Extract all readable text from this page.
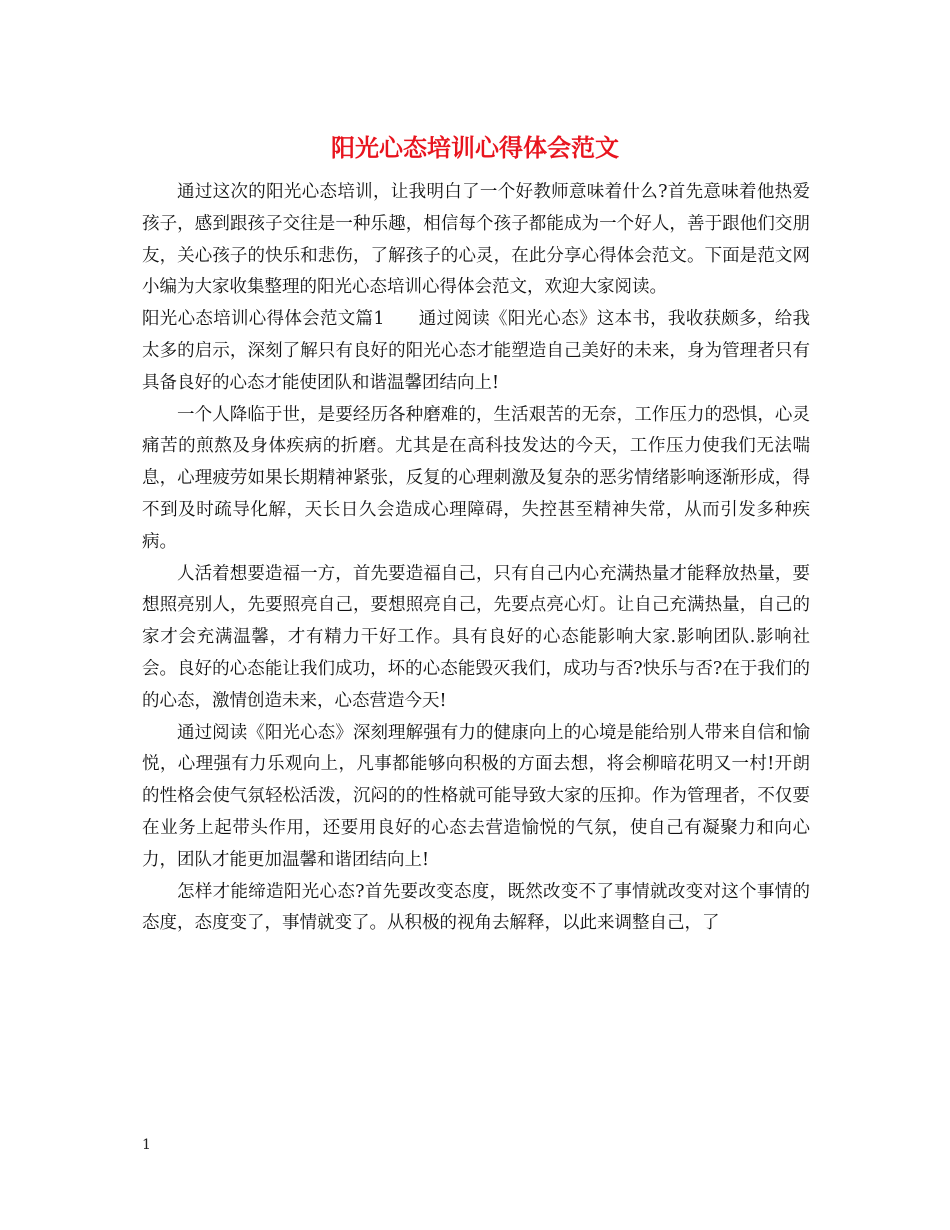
阳光心态培训心得体会范文

通过这次的阳光心态培训，让我明白了一个好教师意味着什么?首先意味着他热爱孩子，感到跟孩子交往是一种乐趣，相信每个孩子都能成为一个好人，善于跟他们交朋友，关心孩子的快乐和悲伤，了解孩子的心灵，在此分享心得体会范文。下面是范文网小编为大家收集整理的阳光心态培训心得体会范文，欢迎大家阅读。

阳光心态培训心得体会范文篇1 通过阅读《阳光心态》这本书，我收获颇多，给我太多的启示，深刻了解只有良好的阳光心态才能塑造自己美好的未来，身为管理者只有具备良好的心态才能使团队和谐温馨团结向上!

一个人降临于世，是要经历各种磨难的，生活艰苦的无奈，工作压力的恐惧，心灵痛苦的煎熬及身体疾病的折磨。尤其是在高科技发达的今天，工作压力使我们无法喘息，心理疲劳如果长期精神紧张，反复的心理刺激及复杂的恶劣情绪影响逐渐形成，得不到及时疏导化解，天长日久会造成心理障碍，失控甚至精神失常，从而引发多种疾病。

人活着想要造福一方，首先要造福自己，只有自己内心充满热量才能释放热量，要想照亮别人，先要照亮自己，要想照亮自己，先要点亮心灯。让自己充满热量，自己的家才会充满温馨，才有精力干好工作。具有良好的心态能影响大家.影响团队.影响社会。良好的心态能让我们成功，坏的心态能毁灭我们，成功与否?快乐与否?在于我们的的心态，激情创造未来，心态营造今天!

通过阅读《阳光心态》深刻理解强有力的健康向上的心境是能给别人带来自信和愉悦，心理强有力乐观向上，凡事都能够向积极的方面去想，将会柳暗花明又一村!开朗的性格会使气氛轻松活泼，沉闷的的性格就可能导致大家的压抑。作为管理者，不仅要在业务上起带头作用，还要用良好的心态去营造愉悦的气氛，使自己有凝聚力和向心力，团队才能更加温馨和谐团结向上!

怎样才能缔造阳光心态?首先要改变态度，既然改变不了事情就改变对这个事情的态度，态度变了，事情就变了。从积极的视角去解释，以此来调整自己，了

1
